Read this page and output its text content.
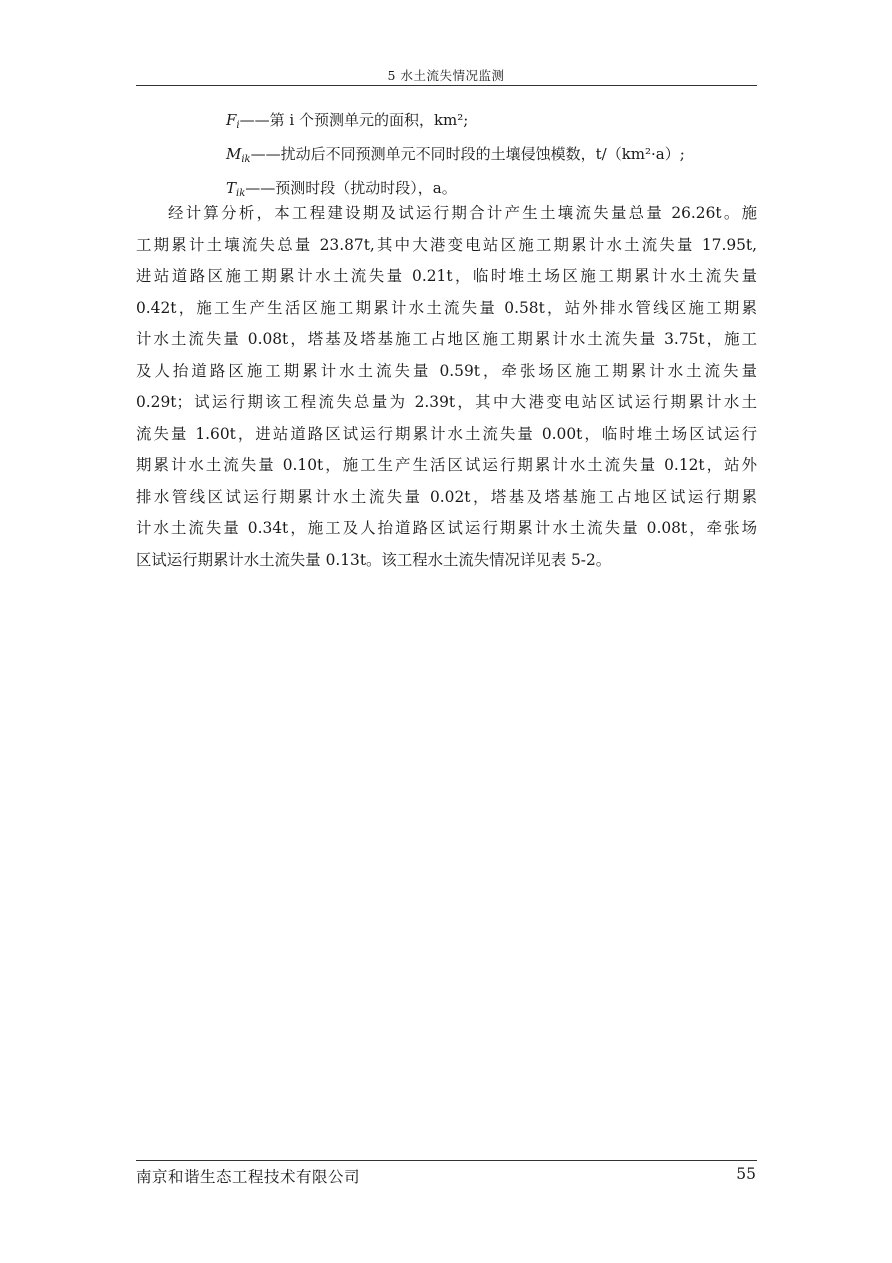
5 水土流失情况监测
$F_i——$第 i 个预测单元的面积，km²;
$M_{ik}——$扰动后不同预测单元不同时段的土壤侵蚀模数，t/（km²·a）;
$T_{ik}——$预测时段（扰动时段），a。
经计算分析，本工程建设期及试运行期合计产生土壤流失量总量 26.26t。施
工期累计土壤流失总量 23.87t,其中大港变电站区施工期累计水土流失量 17.95t,
进站道路区施工期累计水土流失量 0.21t，临时堆土场区施工期累计水土流失量
0.42t，施工生产生活区施工期累计水土流失量 0.58t，站外排水管线区施工期累
计水土流失量 0.08t，塔基及塔基施工占地区施工期累计水土流失量 3.75t，施工
及人抬道路区施工期累计水土流失量 0.59t，牵张场区施工期累计水土流失量
0.29t；试运行期该工程流失总量为 2.39t，其中大港变电站区试运行期累计水土
流失量 1.60t，进站道路区试运行期累计水土流失量 0.00t，临时堆土场区试运行
期累计水土流失量 0.10t，施工生产生活区试运行期累计水土流失量 0.12t，站外
排水管线区试运行期累计水土流失量 0.02t，塔基及塔基施工占地区试运行期累
计水土流失量 0.34t，施工及人抬道路区试运行期累计水土流失量 0.08t，牵张场
区试运行期累计水土流失量 0.13t。该工程水土流失情况详见表 5-2。
南京和谐生态工程技术有限公司	55
